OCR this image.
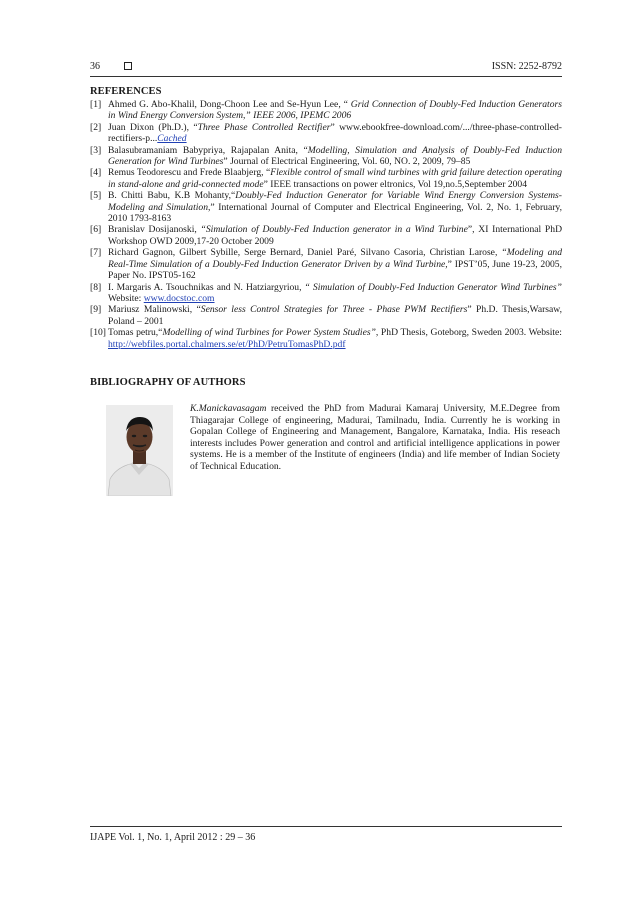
36	ISSN: 2252-8792
REFERENCES
[1] Ahmed G. Abo-Khalil, Dong-Choon Lee and Se-Hyun Lee, “ Grid Connection of Doubly-Fed Induction Generators in Wind Energy Conversion System,” IEEE 2006, IPEMC 2006
[2] Juan Dixon (Ph.D.), “Three Phase Controlled Rectifier” www.ebookfree-download.com/.../three-phase-controlled-rectifiers-p...Cached
[3] Balasubramaniam Babypriya, Rajapalan Anita, “Modelling, Simulation and Analysis of Doubly-Fed Induction Generation for Wind Turbines” Journal of Electrical Engineering, Vol. 60, NO. 2, 2009, 79–85
[4] Remus Teodorescu and Frede Blaabjerg, “Flexible control of small wind turbines with grid failure detection operating in stand-alone and grid-connected mode” IEEE transactions on power eltronics, Vol 19,no.5,September 2004
[5] B. Chitti Babu, K.B Mohanty,“Doubly-Fed Induction Generator for Variable Wind Energy Conversion Systems- Modeling and Simulation,” International Journal of Computer and Electrical Engineering, Vol. 2, No. 1, February, 2010 1793-8163
[6] Branislav Dosijanoski, “Simulation of Doubly-Fed Induction generator in a Wind Turbine”, XI International PhD Workshop OWD 2009,17-20 October 2009
[7] Richard Gagnon, Gilbert Sybille, Serge Bernard, Daniel Paré, Silvano Casoria, Christian Larose, “Modeling and Real-Time Simulation of a Doubly-Fed Induction Generator Driven by a Wind Turbine,” IPST’05, June 19-23, 2005, Paper No. IPST05-162
[8] I. Margaris A. Tsouchnikas and N. Hatziargyriou, “ Simulation of Doubly-Fed Induction Generator Wind Turbines” Website: www.docstoc.com
[9] Mariusz Malinowski, “Sensor less Control Strategies for Three - Phase PWM Rectifiers” Ph.D. Thesis,Warsaw, Poland – 2001
[10] Tomas petru,“Modelling of wind Turbines for Power System Studies”, PhD Thesis, Goteborg, Sweden 2003. Website: http://webfiles.portal.chalmers.se/et/PhD/PetruTomasPhD.pdf
BIBLIOGRAPHY OF AUTHORS

K.Manickavasagam received the PhD from Madurai Kamaraj University, M.E.Degree from Thiagarajar College of engineering, Madurai, Tamilnadu, India. Currently he is working in Gopalan College of Engineering and Management, Bangalore, Karnataka, India. His reseach interests includes Power generation and control and artificial intelligence applications in power systems. He is a member of the Institute of engineers (India) and life member of Indian Society of Technical Education.

IJAPE Vol. 1, No. 1, April 2012 : 29 – 36
